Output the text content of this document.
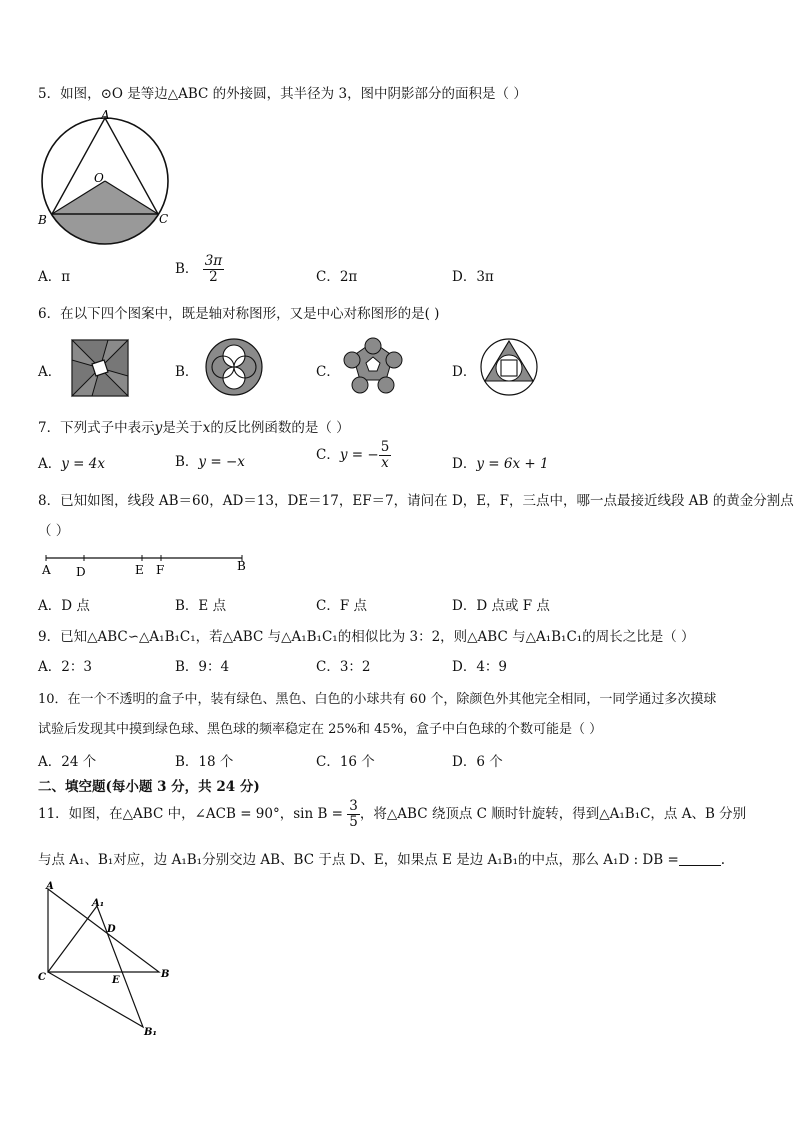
5．如图，⊙O 是等边△ABC 的外接圆，其半径为 3，图中阴影部分的面积是（ ）
A
O
B	C
A．π
B． $\frac{3\pi}{2}$	C．2π	D．3π
6．在以下四个图案中，既是轴对称图形，又是中心对称图形的是( )
A．	B．	C．	D．
7．下列式子中表示y是关于x的反比例函数的是（ ）
A．y = 4x	B．y = −x	C．y = − $\frac{5}{x}$	D．y = 6x + 1
8．已知如图，线段 AB＝60，AD＝13，DE＝17，EF＝7，请问在 D，E，F，三点中，哪一点最接近线段 AB 的黄金分割点
（ ）
A D	E F	B
A．D 点	B．E 点	C．F 点	D．D 点或 F 点
9．已知△ABC∽△A₁B₁C₁，若△ABC 与△A₁B₁C₁的相似比为 3：2，则△ABC 与△A₁B₁C₁的周长之比是（ ）
A．2：3	B．9：4	C．3：2	D．4：9
10．在一个不透明的盒子中，装有绿色、黑色、白色的小球共有 60 个，除颜色外其他完全相同，一同学通过多次摸球
试验后发现其中摸到绿色球、黑色球的频率稳定在 25%和 45%，盒子中白色球的个数可能是（ ）
A．24 个	B．18 个	C．16 个	D．6 个
二、填空题(每小题 3 分，共 24 分)
11．如图，在△ABC 中，∠ACB = 90°，$\sin B = \frac{3}{5}$ ，将△ABC 绕顶点 C 顺时针旋转，得到△A₁B₁C，点 A、B 分别
与点 A₁、B₁对应，边 A₁B₁分别交边 AB、BC 于点 D、E，如果点 E 是边 A₁B₁的中点，那么 A₁D : DB =	.
A
A₁
D
C	E
B
B₁
